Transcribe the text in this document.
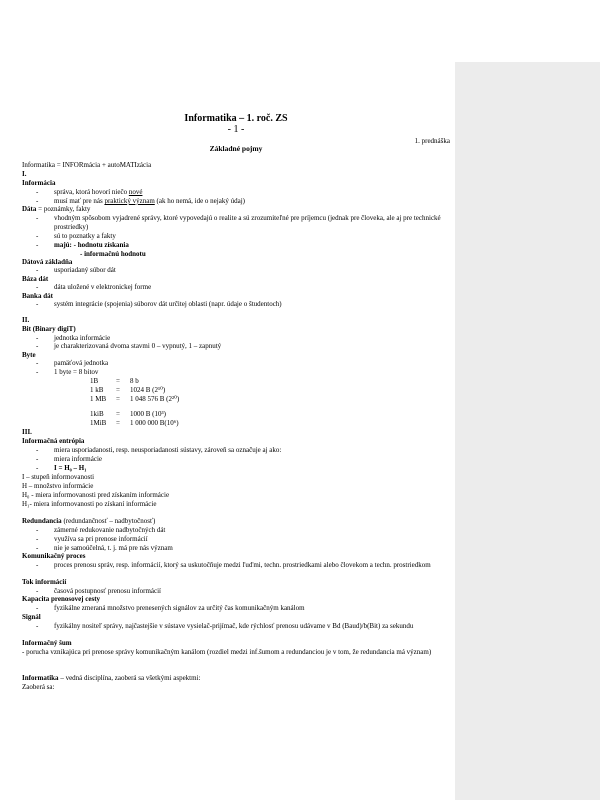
Informatika – 1. roč. ZS
- 1 -
1. prednáška
Základné pojmy
Informatika = INFORmácia + autoMATIzácia
I.
Informácia
- správa, ktorá hovorí niečo nové
- musí mať pre nás praktický význam (ak ho nemá, ide o nejaký údaj)
Dáta = poznámky, fakty
- vhodným spôsobom vyjadrené správy, ktoré vypovedajú o realite a sú zrozumiteľné pre príjemcu (jednak pre človeka, ale aj pre technické prostriedky)
- sú to poznatky a fakty
- majú: - hodnotu získania
- informačnú hodnotu
Dátová základňa
- usporiadaný súbor dát
Báza dát
- dáta uložené v elektronickej forme
Banka dát
- systém integrácie (spojenia) súborov dát určitej oblasti (napr. údaje o študentoch)
II.
Bit (Binary digiT)
- jednotka informácie
- je charakterizovaná dvoma stavmi 0 – vypnutý, 1 – zapnutý
Byte
- pamäťová jednotka
- 1 byte = 8 bitov
1B	= 8 b
1 kB = 1024 B (2¹⁰)
1 MB = 1 048 576 B (2²⁰)
1kiB = 1000 B (10³)
1MiB = 1 000 000 B(10⁶)
III.
Informačná entrópia
- miera usporiadanosti, resp. neusporiadanosti sústavy, zároveň sa označuje aj ako:
- miera informácie
- I = H₀ – H₁
I – stupeň informovanosti
H – množstvo informácie
H₀ - miera informovanosti pred získaním informácie
H₁- miera informovanosti po získaní informácie
Redundancia (redundančnosť – nadbytočnosť)
- zámerné redukovanie nadbytočných dát
- využíva sa pri prenose informácií
- nie je samoúčelná, t. j. má pre nás význam
Komunikačný proces
- proces prenosu správ, resp. informácií, ktorý sa uskutočňuje medzi ľuďmi, techn. prostriedkami alebo človekom a techn. prostriedkom
Tok informácií
- časová postupnosť prenosu informácií
Kapacita prenosovej cesty
- fyzikálne zmeraná množstvo prenesených signálov za určitý čas komunikačným kanálom
Signál
- fyzikálny nositeľ správy, najčastejšie v sústave vysielač-prijímač, kde rýchlosť prenosu udávame v Bd (Baud)/b(Bit) za sekundu
Informačný šum
- porucha vznikajúca pri prenose správy komunikačným kanálom (rozdiel medzi inf.šumom a redundanciou je v tom, že redundancia má význam)
Informatika – vedná disciplína, zaoberá sa všetkými aspektmi:
Zaoberá sa:
